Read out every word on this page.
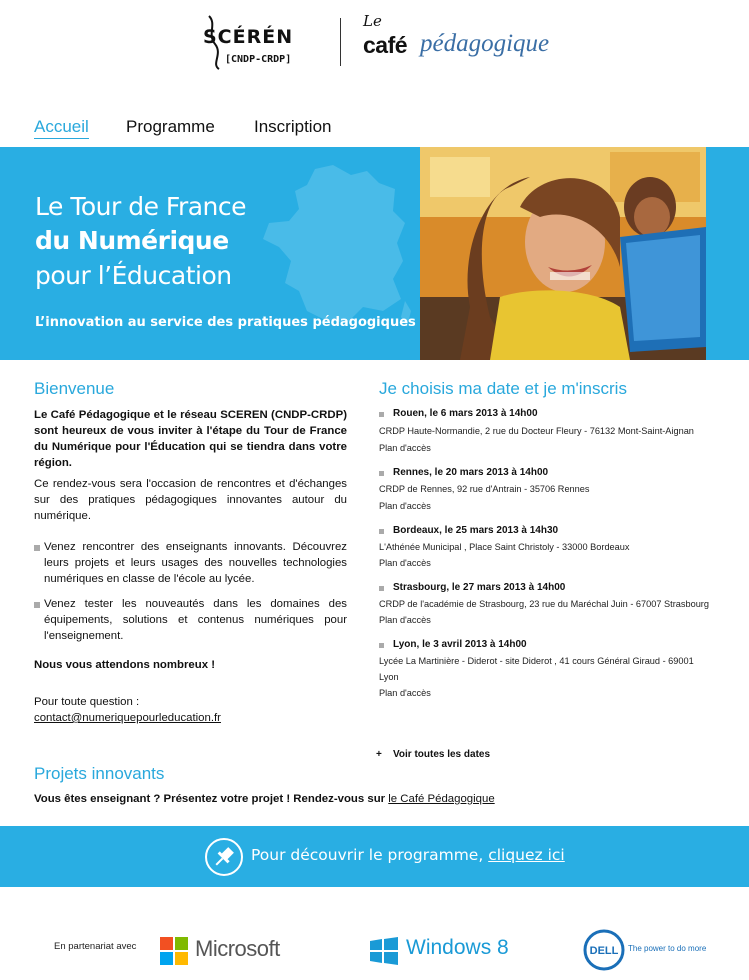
SCÉRÉN
[CNDP-CRDP]
Le
café pédagogique
Accueil Programme Inscription
Le Tour de France
du Numérique
pour l’Éducation
L’innovation au service des pratiques pédagogiques
Bienvenue
Le Café Pédagogique et le réseau SCEREN (CNDP-CRDP) sont heureux de vous inviter à l'étape du Tour de France du Numérique pour l'Éducation qui se tiendra dans votre région.
Ce rendez-vous sera l'occasion de rencontres et d'échanges sur des pratiques pédagogiques innovantes autour du numérique.
Venez rencontrer des enseignants innovants. Découvrez leurs projets et leurs usages des nouvelles technologies numériques en classe de l'école au lycée.
Venez tester les nouveautés dans les domaines des équipements, solutions et contenus numériques pour l'enseignement.
Nous vous attendons nombreux !
Pour toute question :
contact@numeriquepourleducation.fr
Je choisis ma date et je m'inscris
Rouen, le 6 mars 2013 à 14h00
CRDP Haute-Normandie, 2 rue du Docteur Fleury - 76132 Mont-Saint-Aignan
Plan d'accès
Rennes, le 20 mars 2013 à 14h00
CRDP de Rennes, 92 rue d'Antrain - 35706 Rennes
Plan d'accès
Bordeaux, le 25 mars 2013 à 14h30
L'Athénée Municipal , Place Saint Christoly - 33000 Bordeaux
Plan d'accès
Strasbourg, le 27 mars 2013 à 14h00
CRDP de l'académie de Strasbourg, 23 rue du Maréchal Juin - 67007 Strasbourg
Plan d'accès
Lyon, le 3 avril 2013 à 14h00
Lycée La Martinière - Diderot - site Diderot , 41 cours Général Giraud - 69001
Lyon
Plan d'accès
+    Voir toutes les dates
Projets innovants
Vous êtes enseignant ? Présentez votre projet ! Rendez-vous sur le Café Pédagogique
Pour découvrir le programme, cliquez ici
En partenariat avec	Microsoft	Windows 8	DELL The power to do more
